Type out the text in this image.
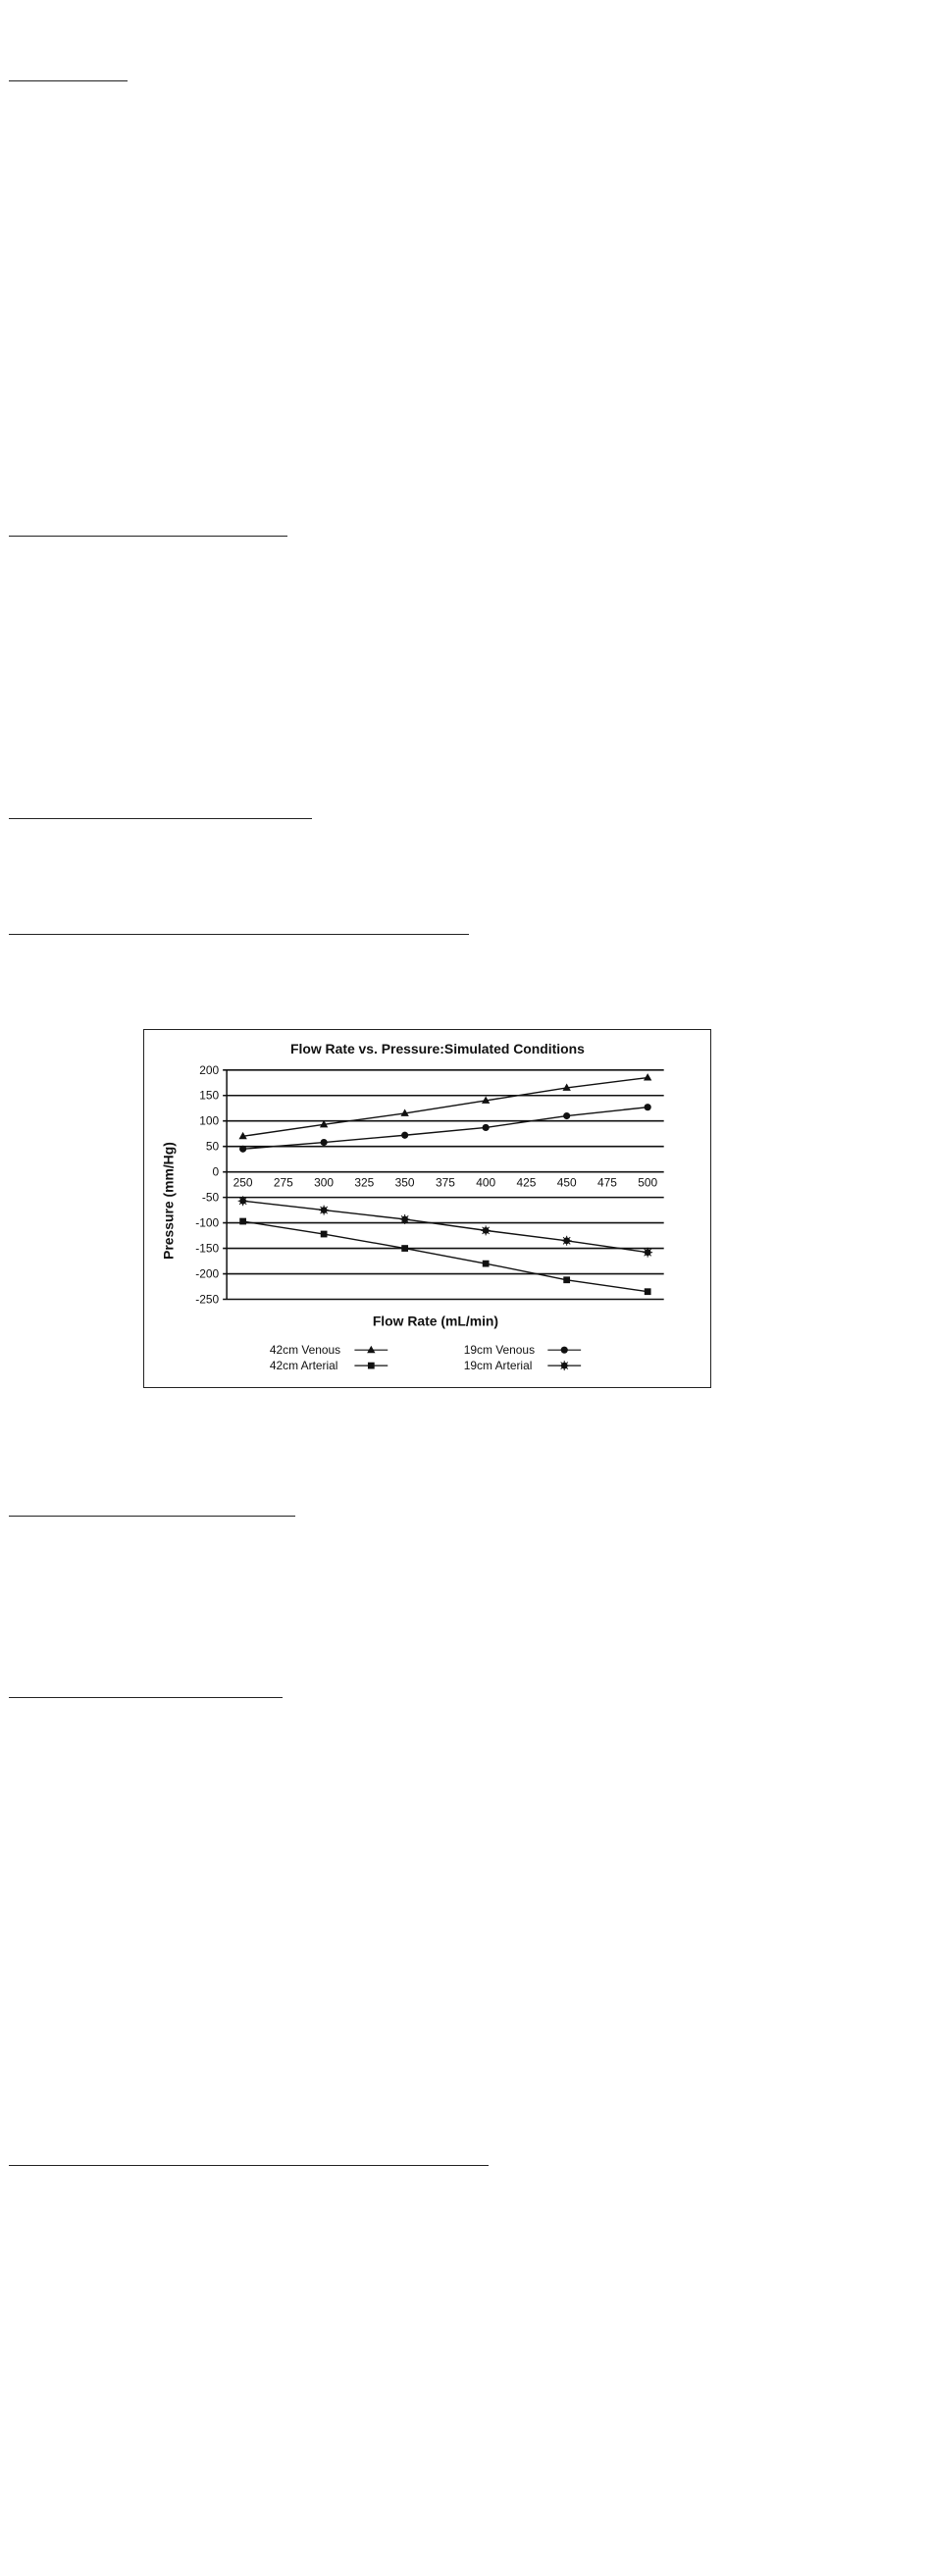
Flow Rate vs. Pressure:Simulated Conditions
Pressure (mm/Hg)
Flow Rate (mL/min)
200
150
100
50
0
-50
-100
-150
-200
-250
250 275 300 325 350 375 400 425 450 475 500
42cm Venous
42cm Arterial
19cm Venous
19cm Arterial
